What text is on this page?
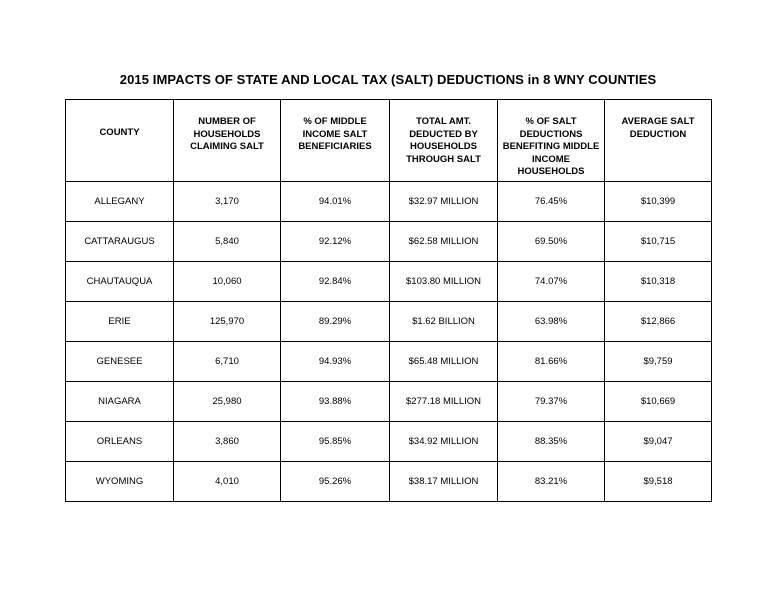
2015 IMPACTS OF STATE AND LOCAL TAX (SALT) DEDUCTIONS in 8 WNY COUNTIES
COUNTY	NUMBER OF HOUSEHOLDS CLAIMING SALT	% OF MIDDLE INCOME SALT BENEFICIARIES	TOTAL AMT. DEDUCTED BY HOUSEHOLDS THROUGH SALT	% OF SALT DEDUCTIONS BENEFITING MIDDLE INCOME HOUSEHOLDS	AVERAGE SALT DEDUCTION
ALLEGANY	3,170	94.01%	$32.97 MILLION	76.45%	$10,399
CATTARAUGUS	5,840	92.12%	$62.58 MILLION	69.50%	$10,715
CHAUTAUQUA	10,060	92.84%	$103.80 MILLION	74.07%	$10,318
ERIE	125,970	89.29%	$1.62 BILLION	63.98%	$12,866
GENESEE	6,710	94.93%	$65.48 MILLION	81.66%	$9,759
NIAGARA	25,980	93.88%	$277.18 MILLION	79.37%	$10,669
ORLEANS	3,860	95.85%	$34.92 MILLION	88.35%	$9,047
WYOMING	4,010	95.26%	$38.17 MILLION	83.21%	$9,518
